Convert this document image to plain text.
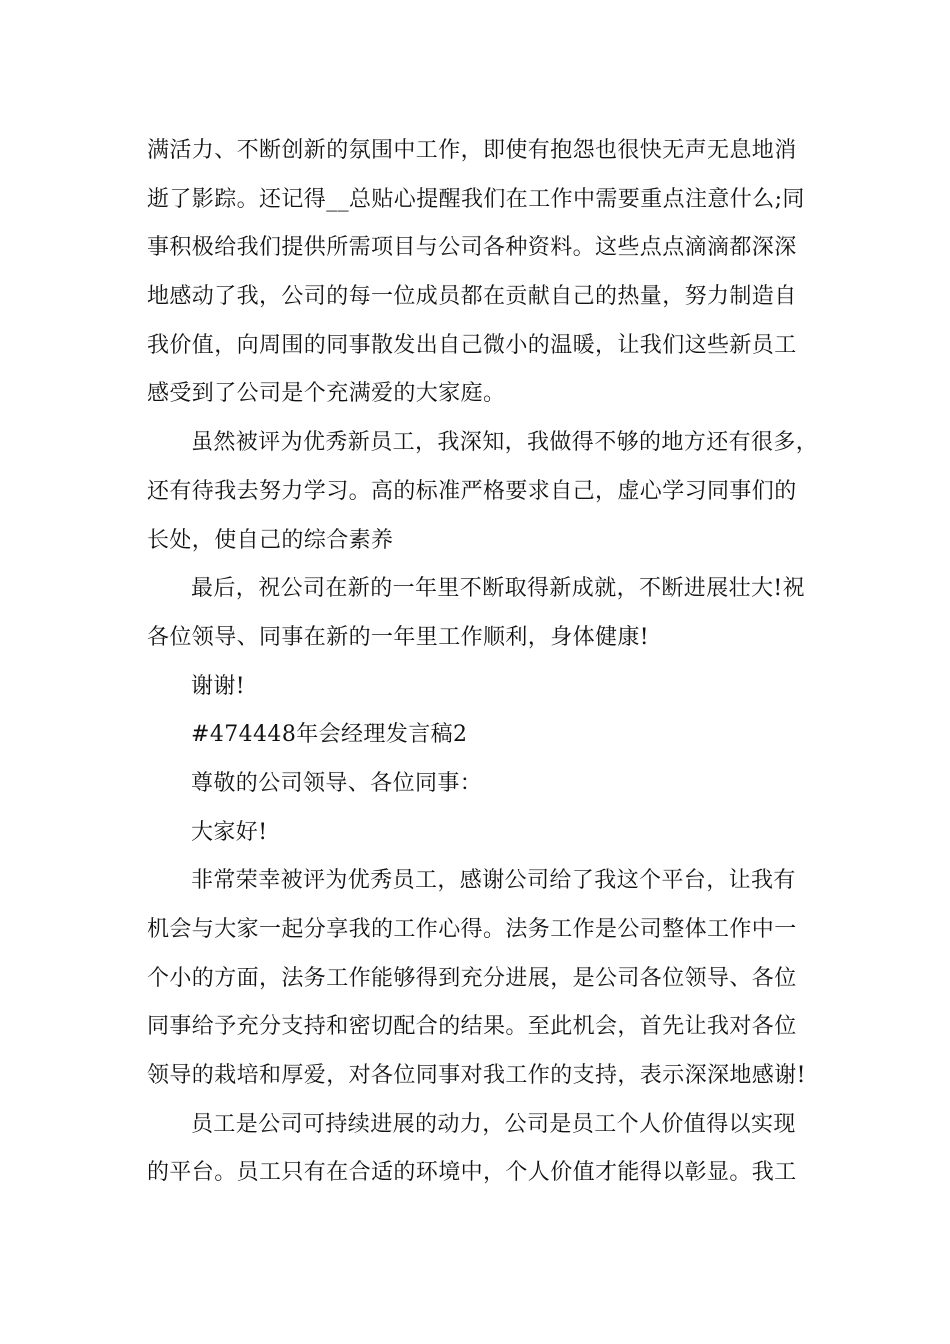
满活力、不断创新的氛围中工作，即使有抱怨也很快无声无息地消
逝了影踪。还记得__总贴心提醒我们在工作中需要重点注意什么;同
事积极给我们提供所需项目与公司各种资料。这些点点滴滴都深深
地感动了我，公司的每一位成员都在贡献自己的热量，努力制造自
我价值，向周围的同事散发出自己微小的温暖，让我们这些新员工
感受到了公司是个充满爱的大家庭。
虽然被评为优秀新员工，我深知，我做得不够的地方还有很多，
还有待我去努力学习。高的标准严格要求自己，虚心学习同事们的
长处，使自己的综合素养
最后，祝公司在新的一年里不断取得新成就，不断进展壮大!祝
各位领导、同事在新的一年里工作顺利，身体健康!
谢谢!
#474448年会经理发言稿2
尊敬的公司领导、各位同事：
大家好!
非常荣幸被评为优秀员工，感谢公司给了我这个平台，让我有
机会与大家一起分享我的工作心得。法务工作是公司整体工作中一
个小的方面，法务工作能够得到充分进展，是公司各位领导、各位
同事给予充分支持和密切配合的结果。至此机会，首先让我对各位
领导的栽培和厚爱，对各位同事对我工作的支持，表示深深地感谢!
员工是公司可持续进展的动力，公司是员工个人价值得以实现
的平台。员工只有在合适的环境中，个人价值才能得以彰显。我工
